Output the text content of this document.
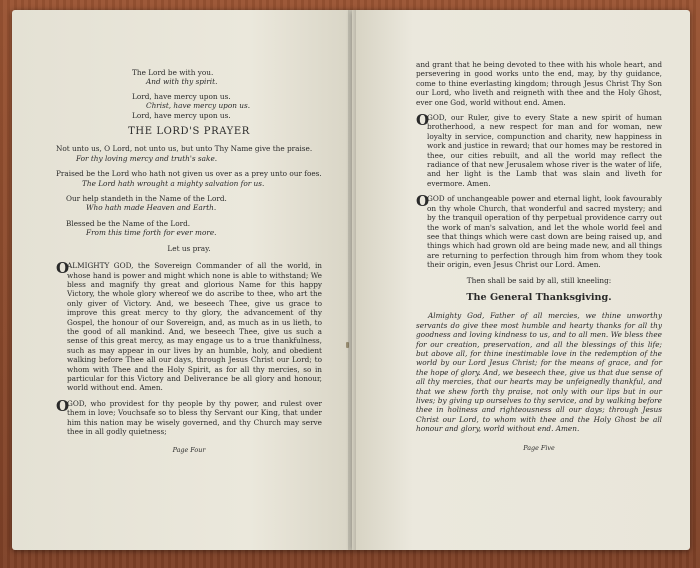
The Lord be with you.
And with thy spirit.
Lord, have mercy upon us.
Christ, have mercy upon us.
Lord, have mercy upon us.
THE LORD'S PRAYER
Not unto us, O Lord, not unto us, but unto Thy Name give the praise.
For thy loving mercy and truth's sake.
Praised be the Lord who hath not given us over as a prey unto our foes.
The Lord hath wrought a mighty salvation for us.
Our help standeth in the Name of the Lord.
Who hath made Heaven and Earth.
Blessed be the Name of the Lord.
From this time forth for ever more.
Let us pray.
O
ALMIGHTY GOD, the Sovereign Commander of all the world, in whose hand is power and might which none is able to withstand; We bless and magnify thy great and glorious Name for this happy Victory, the whole glory whereof we do ascribe to thee, who art the only giver of Victory. And, we beseech Thee, give us grace to improve this great mercy to thy glory, the advancement of thy Gospel, the honour of our Sovereign, and, as much as in us lieth, to the good of all mankind. And, we beseech Thee, give us such a sense of this great mercy, as may engage us to a true thankfulness, such as may appear in our lives by an humble, holy, and obedient walking before Thee all our days, through Jesus Christ our Lord; to whom with Thee and the Holy Spirit, as for all thy mercies, so in particular for this Victory and Deliverance be all glory and honour, world without end. Amen.
O
GOD, who providest for thy people by thy power, and rulest over them in love; Vouchsafe so to bless thy Servant our King, that under him this nation may be wisely governed, and thy Church may serve thee in all godly quietness;
Page Four
and grant that he being devoted to thee with his whole heart, and persevering in good works unto the end, may, by thy guidance, come to thine everlasting kingdom; through Jesus Christ Thy Son our Lord, who liveth and reigneth with thee and the Holy Ghost, ever one God, world without end. Amen.
O
GOD, our Ruler, give to every State a new spirit of human brotherhood, a new respect for man and for woman, new loyalty in service, compunction and charity, new happiness in work and justice in reward; that our homes may be restored in thee, our cities rebuilt, and all the world may reflect the radiance of that new Jerusalem whose river is the water of life, and her light is the Lamb that was slain and liveth for evermore. Amen.
O
GOD of unchangeable power and eternal light, look favourably on thy whole Church, that wonderful and sacred mystery; and by the tranquil operation of thy perpetual providence carry out the work of man's salvation, and let the whole world feel and see that things which were cast down are being raised up, and things which had grown old are being made new, and all things are returning to perfection through him from whom they took their origin, even Jesus Christ our Lord. Amen.
Then shall be said by all, still kneeling:
The General Thanksgiving.
Almighty God, Father of all mercies, we thine unworthy servants do give thee most humble and hearty thanks for all thy goodness and loving kindness to us, and to all men. We bless thee for our creation, preservation, and all the blessings of this life; but above all, for thine inestimable love in the redemption of the world by our Lord Jesus Christ; for the means of grace, and for the hope of glory. And, we beseech thee, give us that due sense of all thy mercies, that our hearts may be unfeignedly thankful, and that we shew forth thy praise, not only with our lips but in our lives; by giving up ourselves to thy service, and by walking before thee in holiness and righteousness all our days; through Jesus Christ our Lord, to whom with thee and the Holy Ghost be all honour and glory, world without end. Amen.
Page Five
